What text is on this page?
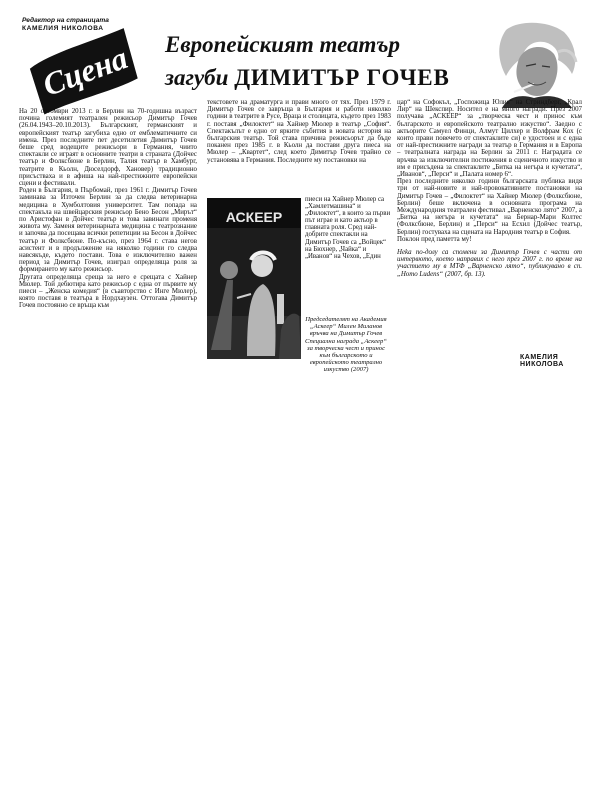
Редактор на страницата
КАМЕЛИЯ НИКОЛОВА
Сцена Европейският театър
загуби ДИМИТЪР ГОЧЕВ

На 20 октомври 2013 г. в Берлин на 70-годишна възраст почина големият театрален режисьор Димитър Гочев (26.04.1943–20.10.2013). Българският, германският и европейският театър загубиха едно от емблематичните си имена. През последните пет десетилетия Димитър Гочев беше сред водещите режисьори в Германия, чиито спектакли се играят в основните театри в страната (Дойчес театър и Фолксбюне в Берлин, Талия театър в Хамбург, театрите в Кьолн, Дюселдорф, Хановер) традиционно присъстваха и в афиша на най-престижните европейски сцени и фестивали.

Роден в България, в Пърбомай, през 1961 г. Димитър Гочев заминава за Източен Берлин за да следва ветеринарна медицина в Хумболтовия университет. Там попада на спектакъла на швейцарския режисьор Бено Бесон „Мирът“ по Аристофан в Дойчес театър и това завинаги променя живота му. Заменя ветеринарната медицина с театрознание и започва да посещава всички репетиции на Бесон в Дойчес театър и Фолксбюне. По-късно, през 1964 г. става негов асистент и в продължение на няколко години го следва навсякъде, където постави. Това е изключително важен период за Димитър Гочев, изиграл определяща роля за формирането му като режисьор.

Другата определяща среща за него е срещата с Хайнер Мюлер. Той дебютира като режисьор с една от първите му пиеси – „Женска комедия“ (в съавторство с Инге Мюлер), която поставя в театъра в Нордхаузен. Оттогава Димитър Гочев постоянно се връща към

текстовете на драматурга и прави много от тях. През 1979 г. Димитър Гочев се завръща в България и работи няколко години в театрите в Русе, Враца и столицата, където през 1983 г. поставя „Филоктет“ на Хайнер Мюлер в театър „София“. Спектакълът е едно от ярките събития в новата история на българския театър. Той става причина режисьорът да бъде поканен през 1985 г. в Кьолн да постави друга пиеса на Мюлер – „Квартет“, след което Димитър Гочев трайно се установява в Германия. Последните му постановки на

АСКЕЕР

пиеси на Хайнер Мюлер са „Хамлетмашина“ и „Филоктет“, в които за първи път играе и като актьор в главната роля. Сред най-добрите спектакли на Димитър Гочев са „Войцек“ на Бюхнер, „Чайка“ и „Иванов“ на Чехов, „Един

Председателят на Академия „Аскеер“ Милен Миланов връчва на Димитър Гочев Специална награда „Аскеер“ за творческа чест и принос към българското и европейското театрално изкуство (2007)

цар“ на Софокъл, „Госпожица Юлия“ на Стриндберг, „Крал Лир“ на Шекспир. Носител е на много награди. През 2007 получава „АСКЕЕР“ за „творческа чест и принос към българското и европейското театрално изкуство“. Заедно с актьорите Самуел Финци, Алмут Цилхер и Волфрам Кох (с които прави повечето от спектаклите си) е удостоен и с една от най-престижните награди за театър в Германия и в Европа – театралната награда на Берлин за 2011 г. Наградата се връчва за изключителни постижения в сценичното изкуство и им е присъдена за спектаклите „Битка на негъра и кучетата“, „Иванов“, „Перси“ и „Палата номер 6“.

През последните няколко години българската публика видя три от най-новите и най-провокативните постановки на Димитър Гочев – „Филоктет“ на Хайнер Мюлер (Фолксбюне, Берлин) беше включена в основната програма на Международния театрален фестивал „Варненско лято“ 2007, а „Битка на негъра и кучетата“ на Бернар-Мари Колтес (Фолксбюне, Берлин) и „Перси“ на Есхил (Дойчес театър, Берлин) гостуваха на сцената на Народния театър в София.

Поклон пред паметта му!

Неka no-долу са спомени за Димитър Гочев с части от интервюто, което направих с него през 2007 г. по време на участието му в МТФ „Варненско лято“, публикувано в сп. „Homo Ludens“ (2007, бр. 13).

КАМЕЛИЯ НИКОЛОВА
